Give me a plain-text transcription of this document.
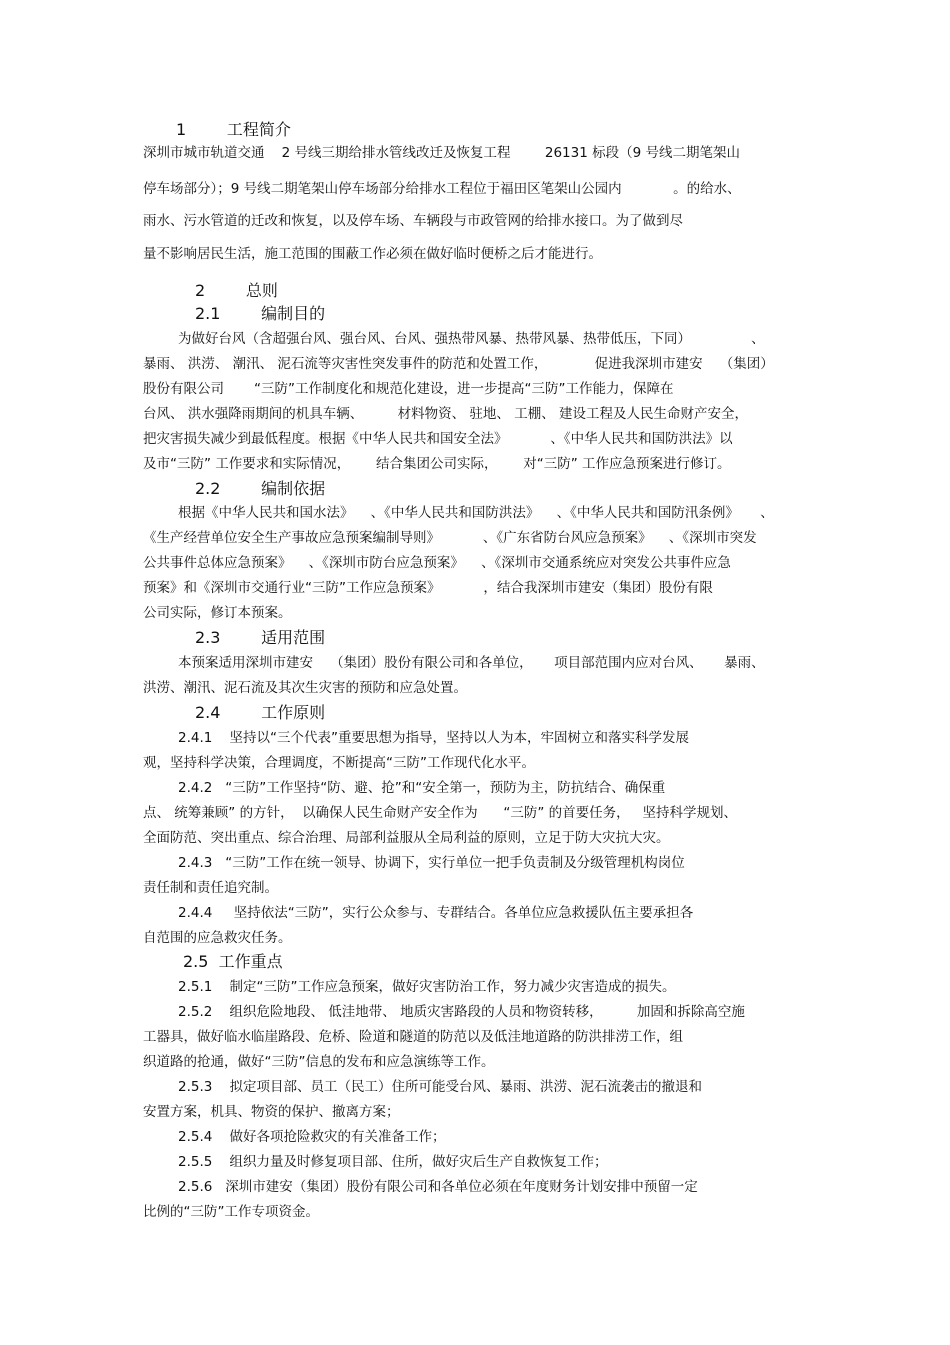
1        工程简介
深圳市城市轨道交通    2 号线三期给排水管线改迁及恢复工程        26131 标段（9 号线二期笔架山
停车场部分）；9 号线二期笔架山停车场部分给排水工程位于福田区笔架山公园内            。的给水、
雨水、污水管道的迁改和恢复，以及停车场、车辆段与市政管网的给排水接口。为了做到尽
量不影响居民生活，施工范围的围蔽工作必须在做好临时便桥之后才能进行。
2        总则
2.1        编制目的
为做好台风（含超强台风、强台风、台风、强热带风暴、热带风暴、热带低压，下同）              、
暴雨、 洪涝、 潮汛、 泥石流等灾害性突发事件的防范和处置工作，           促进我深圳市建安    （集团）
股份有限公司       “三防”工作制度化和规范化建设，进一步提高“三防”工作能力，保障在
台风、 洪水强降雨期间的机具车辆、        材料物资、 驻地、 工棚、 建设工程及人民生命财产安全，
把灾害损失减少到最低程度。根据《中华人民共和国安全法》          、《中华人民共和国防洪法》以
及市“三防” 工作要求和实际情况，      结合集团公司实际，      对“三防” 工作应急预案进行修订。
2.2        编制依据
根据《中华人民共和国水法》    、《中华人民共和国防洪法》    、《中华人民共和国防汛条例》     、
《生产经营单位安全生产事故应急预案编制导则》          、《广东省防台风应急预案》    、《深圳市突发
公共事件总体应急预案》    、《深圳市防台应急预案》    、《深圳市交通系统应对突发公共事件应急
预案》和《深圳市交通行业“三防”工作应急预案》          ，结合我深圳市建安（集团）股份有限
公司实际，修订本预案。
2.3        适用范围
本预案适用深圳市建安    （集团）股份有限公司和各单位，     项目部范围内应对台风、     暴雨、
洪涝、潮汛、泥石流及其次生灾害的预防和应急处置。
2.4        工作原则
2.4.1    坚持以“三个代表”重要思想为指导，坚持以人为本，牢固树立和落实科学发展
观，坚持科学决策，合理调度，不断提高“三防”工作现代化水平。
2.4.2   “三防”工作坚持“防、避、抢”和“安全第一，预防为主，防抗结合、确保重
点、 统筹兼顾” 的方针，  以确保人民生命财产安全作为      “三防” 的首要任务，   坚持科学规划、
全面防范、突出重点、综合治理、局部利益服从全局利益的原则，立足于防大灾抗大灾。
2.4.3   “三防”工作在统一领导、协调下，实行单位一把手负责制及分级管理机构岗位
责任制和责任追究制。
2.4.4     坚持依法“三防”，实行公众参与、专群结合。各单位应急救援队伍主要承担各
自范围的应急救灾任务。
2.5  工作重点
2.5.1    制定“三防”工作应急预案，做好灾害防治工作，努力减少灾害造成的损失。
2.5.2    组织危险地段、 低洼地带、 地质灾害路段的人员和物资转移，        加固和拆除高空施
工器具，做好临水临崖路段、危桥、险道和隧道的防范以及低洼地道路的防洪排涝工作，组
织道路的抢通，做好“三防”信息的发布和应急演练等工作。
2.5.3    拟定项目部、员工（民工）住所可能受台风、暴雨、洪涝、泥石流袭击的撤退和
安置方案，机具、物资的保护、撤离方案；
2.5.4    做好各项抢险救灾的有关准备工作；
2.5.5    组织力量及时修复项目部、住所，做好灾后生产自救恢复工作；
2.5.6   深圳市建安（集团）股份有限公司和各单位必须在年度财务计划安排中预留一定
比例的“三防”工作专项资金。
